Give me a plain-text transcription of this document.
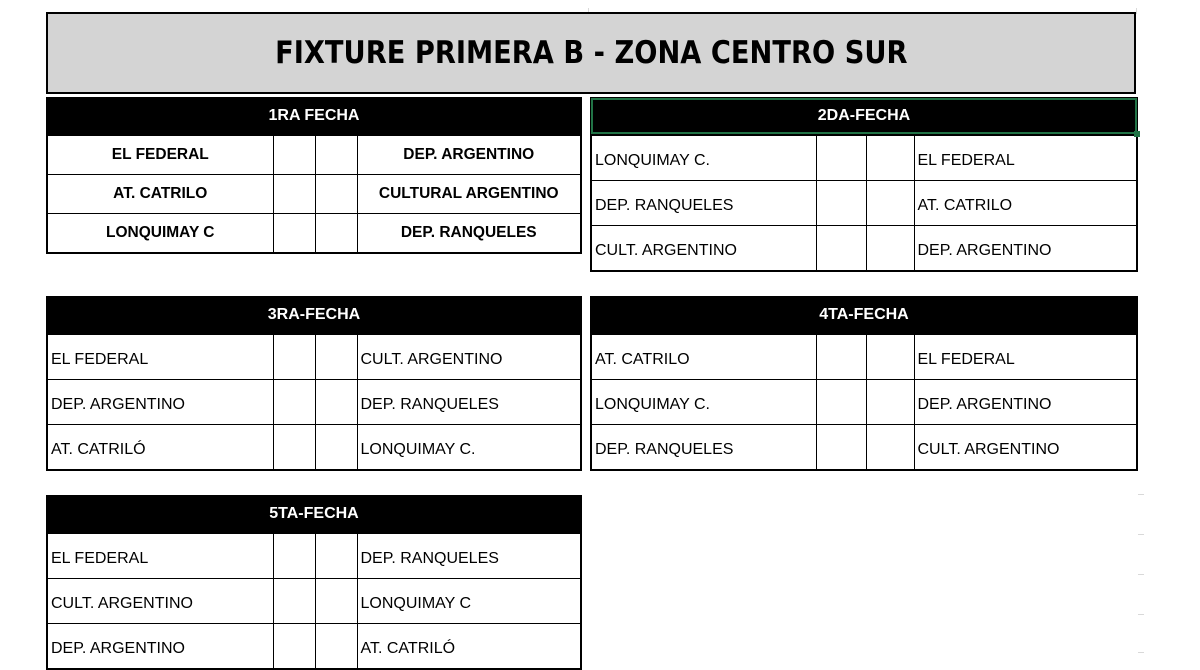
FIXTURE PRIMERA B - ZONA CENTRO SUR
1RA FECHA
EL FEDERAL			DEP. ARGENTINO
AT. CATRILO			CULTURAL ARGENTINO
LONQUIMAY C			DEP. RANQUELES
2DA-FECHA
LONQUIMAY C.			EL FEDERAL
DEP. RANQUELES			AT. CATRILO
CULT. ARGENTINO			DEP. ARGENTINO
3RA-FECHA
EL FEDERAL			CULT. ARGENTINO
DEP. ARGENTINO			DEP. RANQUELES
AT. CATRILÓ			LONQUIMAY C.
4TA-FECHA
AT. CATRILO			EL FEDERAL
LONQUIMAY C.			DEP. ARGENTINO
DEP. RANQUELES			CULT. ARGENTINO
5TA-FECHA
EL FEDERAL			DEP. RANQUELES
CULT. ARGENTINO			LONQUIMAY C
DEP. ARGENTINO			AT. CATRILÓ
